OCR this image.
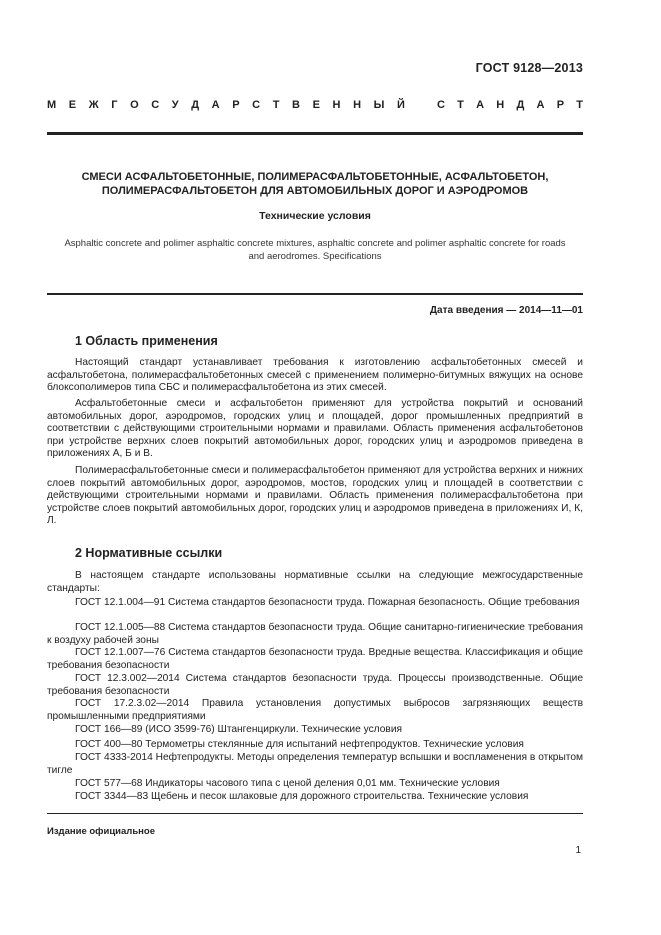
ГОСТ 9128—2013
М Е Ж Г О С У Д А Р С Т В Е Н Н Ы Й	С Т А Н Д А Р Т
СМЕСИ АСФАЛЬТОБЕТОННЫЕ, ПОЛИМЕРАСФАЛЬТОБЕТОННЫЕ, АСФАЛЬТОБЕТОН,
ПОЛИМЕРАСФАЛЬТОБЕТОН ДЛЯ АВТОМОБИЛЬНЫХ ДОРОГ И АЭРОДРОМОВ
Технические условия
Asphaltic concrete and polimer asphaltic concrete mixtures, asphaltic concrete and polimer asphaltic concrete for roads
and aerodromes. Specifications
Дата введения — 2014—11—01
1 Область применения
Настоящий стандарт устанавливает требования к изготовлению асфальтобетонных смесей и асфальтобетона, полимерасфальтобетонных смесей с применением полимерно-битумных вяжущих на основе блоксополимеров типа СБС и полимерасфальтобетона из этих смесей.
Асфальтобетонные смеси и асфальтобетон применяют для устройства покрытий и оснований автомобильных дорог, аэродромов, городских улиц и площадей, дорог промышленных предприятий в соответствии с действующими строительными нормами и правилами. Область применения асфальтобетонов при устройстве верхних слоев покрытий автомобильных дорог, городских улиц и аэродромов приведена в приложениях А, Б и В.
Полимерасфальтобетонные смеси и полимерасфальтобетон применяют для устройства верхних и нижних слоев покрытий автомобильных дорог, аэродромов, мостов, городских улиц и площадей в соответствии с действующими строительными нормами и правилами. Область применения полимерасфальтобетона при устройстве слоев покрытий автомобильных дорог, городских улиц и аэродромов приведена в приложениях И, К, Л.
2 Нормативные ссылки
В настоящем стандарте использованы нормативные ссылки на следующие межгосударственные стандарты:
ГОСТ 12.1.004—91 Система стандартов безопасности труда. Пожарная безопасность. Общие требования
ГОСТ 12.1.005—88 Система стандартов безопасности труда. Общие санитарно-гигиенические требования к воздуху рабочей зоны
ГОСТ 12.1.007—76 Система стандартов безопасности труда. Вредные вещества. Классификация и общие требования безопасности
ГОСТ 12.3.002—2014 Система стандартов безопасности труда. Процессы производственные. Общие требования безопасности
ГОСТ 17.2.3.02—2014 Правила установления допустимых выбросов загрязняющих веществ промышленными предприятиями
ГОСТ 166—89 (ИСО 3599-76) Штангенциркули. Технические условия
ГОСТ 400—80 Термометры стеклянные для испытаний нефтепродуктов. Технические условия
ГОСТ 4333-2014 Нефтепродукты. Методы определения температур вспышки и воспламенения в открытом тигле
ГОСТ 577—68 Индикаторы часового типа с ценой деления 0,01 мм. Технические условия
ГОСТ 3344—83 Щебень и песок шлаковые для дорожного строительства. Технические условия
Издание официальное
1
